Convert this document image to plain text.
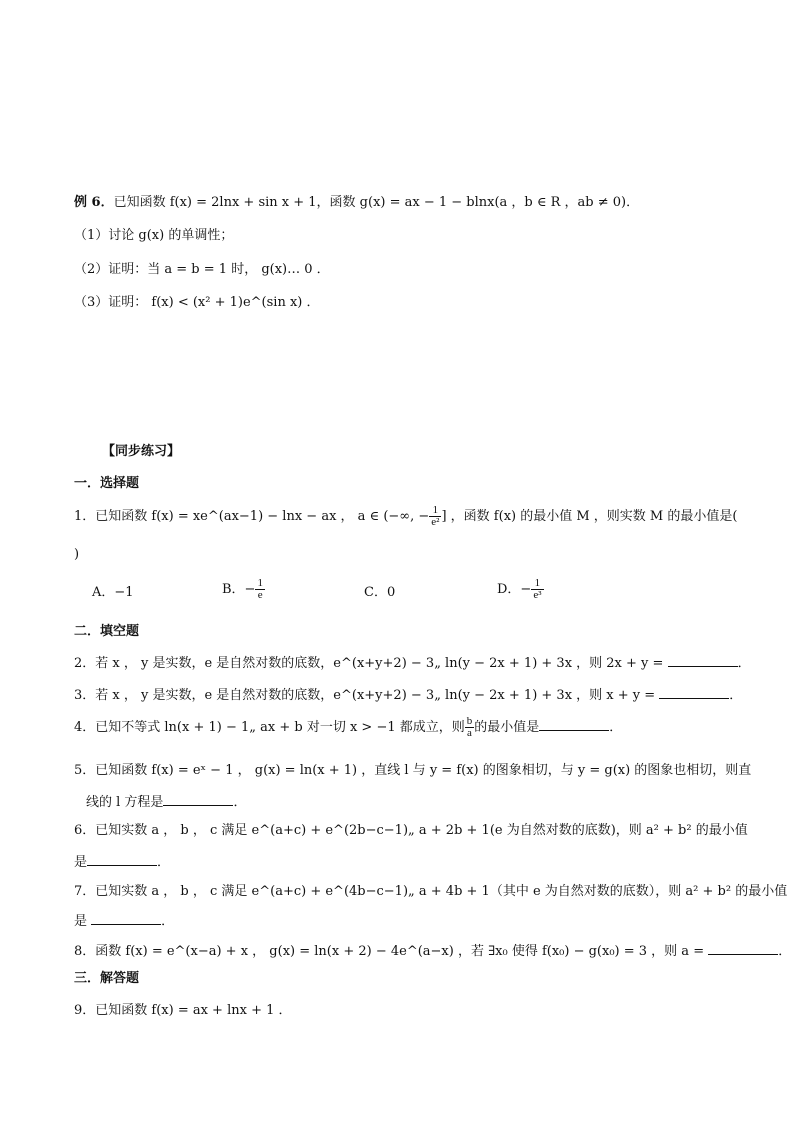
例 6．已知函数 f(x) = 2lnx + sin x + 1，函数 g(x) = ax − 1 − blnx(a ，b ∈ R ，ab ≠ 0)．
（1）讨论 g(x) 的单调性；
（2）证明：当 a = b = 1 时， g(x)… 0 ．
（3）证明： f(x) < (x² + 1)e^(sin x) ．
【同步练习】
一．选择题
1．已知函数 f(x) = xe^(ax−1) − lnx − ax ， a ∈ (−∞, − $\frac{1}{\text{e²}}$ ] ，函数 f(x) 的最小值 M ，则实数 M 的最小值是(
)
A．−1	B．− $\frac{1}{e}$	C．0	D．− $\frac{1}{\text{e³}}$
二．填空题
2．若 x ， y 是实数，e 是自然对数的底数，e^(x+y+2) − 3„ ln(y − 2x + 1) + 3x ，则 2x + y =	．
3．若 x ， y 是实数，e 是自然对数的底数，e^(x+y+2) − 3„ ln(y − 2x + 1) + 3x ，则 x + y =	．
4．已知不等式 ln(x + 1) − 1„ ax + b 对一切 x > −1 都成立，则 $\frac{b}{a}$ 的最小值是	．
5．已知函数 f(x) = eˣ − 1 ， g(x) = ln(x + 1) ，直线 l 与 y = f(x) 的图象相切，与 y = g(x) 的图象也相切，则直
线的 l 方程是	．
6．已知实数 a ， b ， c 满足 e^(a+c) + e^(2b−c−1)„ a + 2b + 1(e 为自然对数的底数)，则 a² + b² 的最小值
是	．
7．已知实数 a ， b ， c 满足 e^(a+c) + e^(4b−c−1)„ a + 4b + 1（其中 e 为自然对数的底数），则 a² + b² 的最小值
是	．
8．函数 f(x) = e^(x−a) + x ， g(x) = ln(x + 2) − 4e^(a−x) ，若 ∃x₀ 使得 f(x₀) − g(x₀) = 3 ，则 a =	．
三．解答题
9．已知函数 f(x) = ax + lnx + 1 ．
